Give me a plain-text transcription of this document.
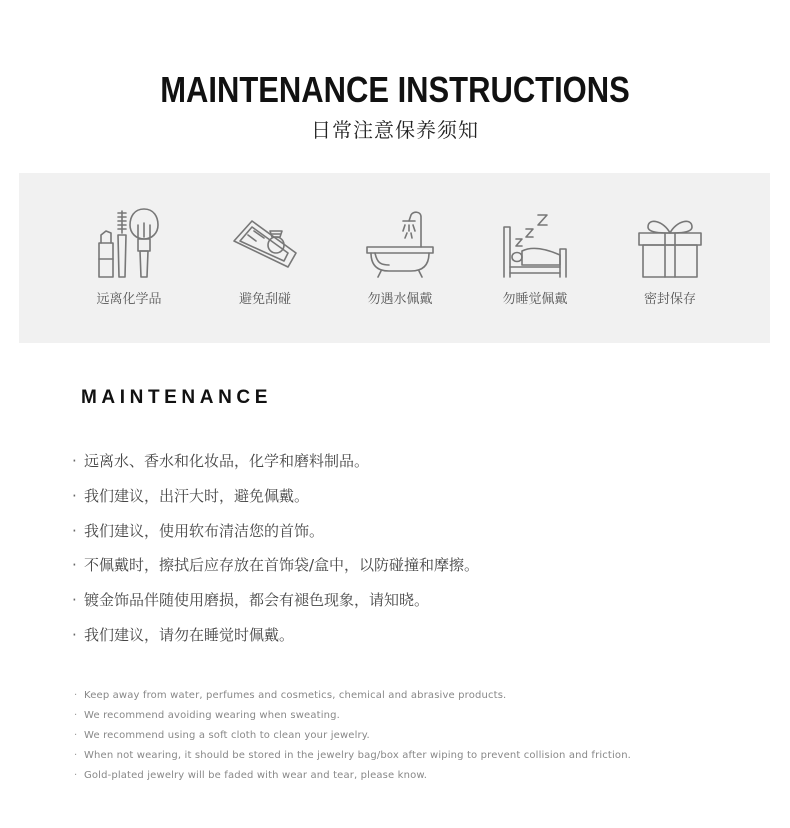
MAINTENANCE INSTRUCTIONS
日常注意保养须知
远离化学品	避免刮碰	勿遇水佩戴	勿睡觉佩戴	密封保存
MAINTENANCE
· 远离水、香水和化妆品，化学和磨料制品。
· 我们建议，出汗大时，避免佩戴。
· 我们建议，使用软布清洁您的首饰。
· 不佩戴时，擦拭后应存放在首饰袋/盒中，以防碰撞和摩擦。
· 镀金饰品伴随使用磨损，都会有褪色现象，请知晓。
· 我们建议，请勿在睡觉时佩戴。
· Keep away from water, perfumes and cosmetics, chemical and abrasive products.
· We recommend avoiding wearing when sweating.
· We recommend using a soft cloth to clean your jewelry.
· When not wearing, it should be stored in the jewelry bag/box after wiping to prevent collision and friction.
· Gold-plated jewelry will be faded with wear and tear, please know.
